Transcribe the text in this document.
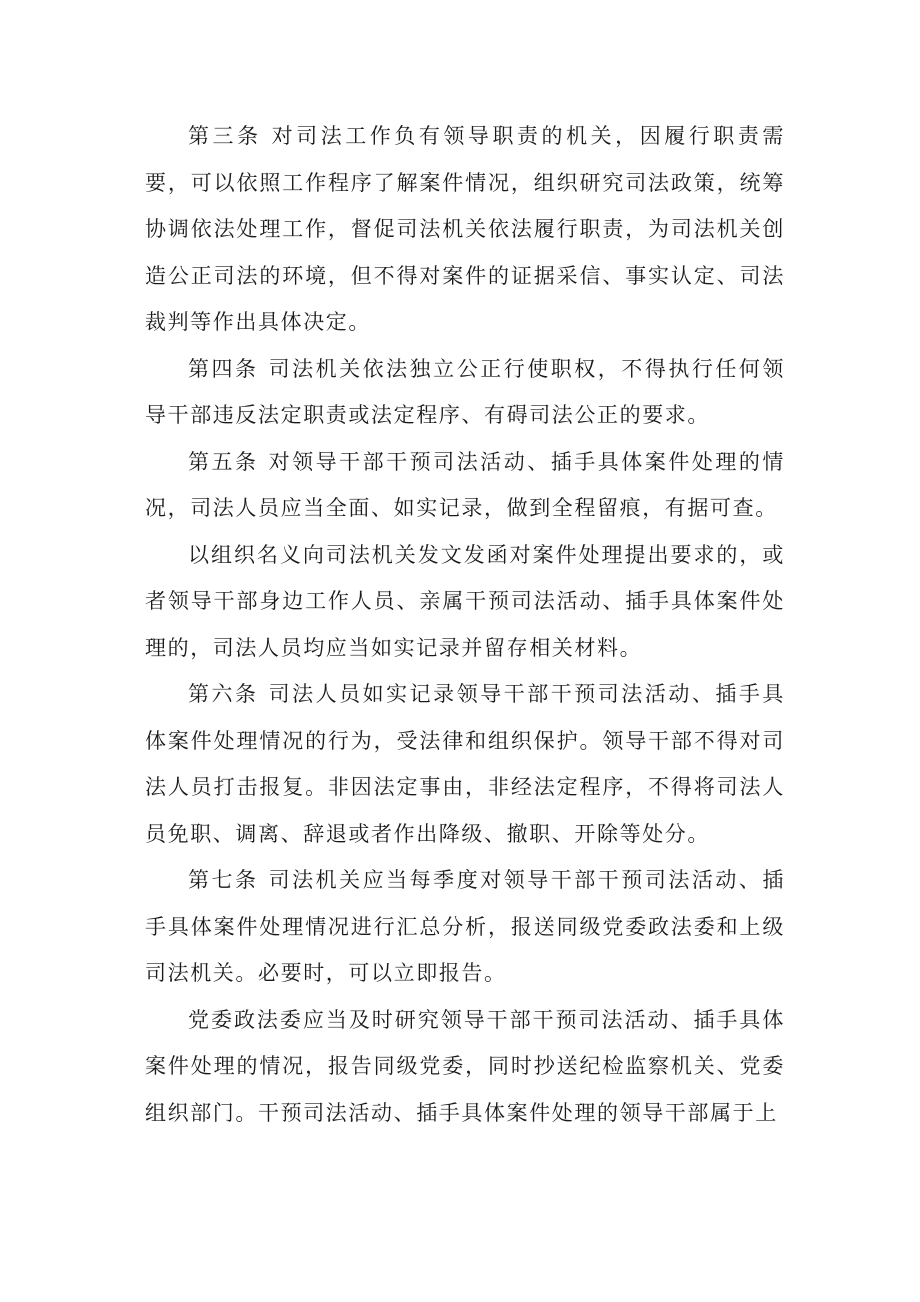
第三条 对司法工作负有领导职责的机关，因履行职责需要，可以依照工作程序了解案件情况，组织研究司法政策，统筹协调依法处理工作，督促司法机关依法履行职责，为司法机关创造公正司法的环境，但不得对案件的证据采信、事实认定、司法裁判等作出具体决定。

第四条 司法机关依法独立公正行使职权，不得执行任何领导干部违反法定职责或法定程序、有碍司法公正的要求。

第五条 对领导干部干预司法活动、插手具体案件处理的情况，司法人员应当全面、如实记录，做到全程留痕，有据可查。

以组织名义向司法机关发文发函对案件处理提出要求的，或者领导干部身边工作人员、亲属干预司法活动、插手具体案件处理的，司法人员均应当如实记录并留存相关材料。

第六条 司法人员如实记录领导干部干预司法活动、插手具体案件处理情况的行为，受法律和组织保护。领导干部不得对司法人员打击报复。非因法定事由，非经法定程序，不得将司法人员免职、调离、辞退或者作出降级、撤职、开除等处分。

第七条 司法机关应当每季度对领导干部干预司法活动、插手具体案件处理情况进行汇总分析，报送同级党委政法委和上级司法机关。必要时，可以立即报告。

党委政法委应当及时研究领导干部干预司法活动、插手具体案件处理的情况，报告同级党委，同时抄送纪检监察机关、党委组织部门。干预司法活动、插手具体案件处理的领导干部属于上
